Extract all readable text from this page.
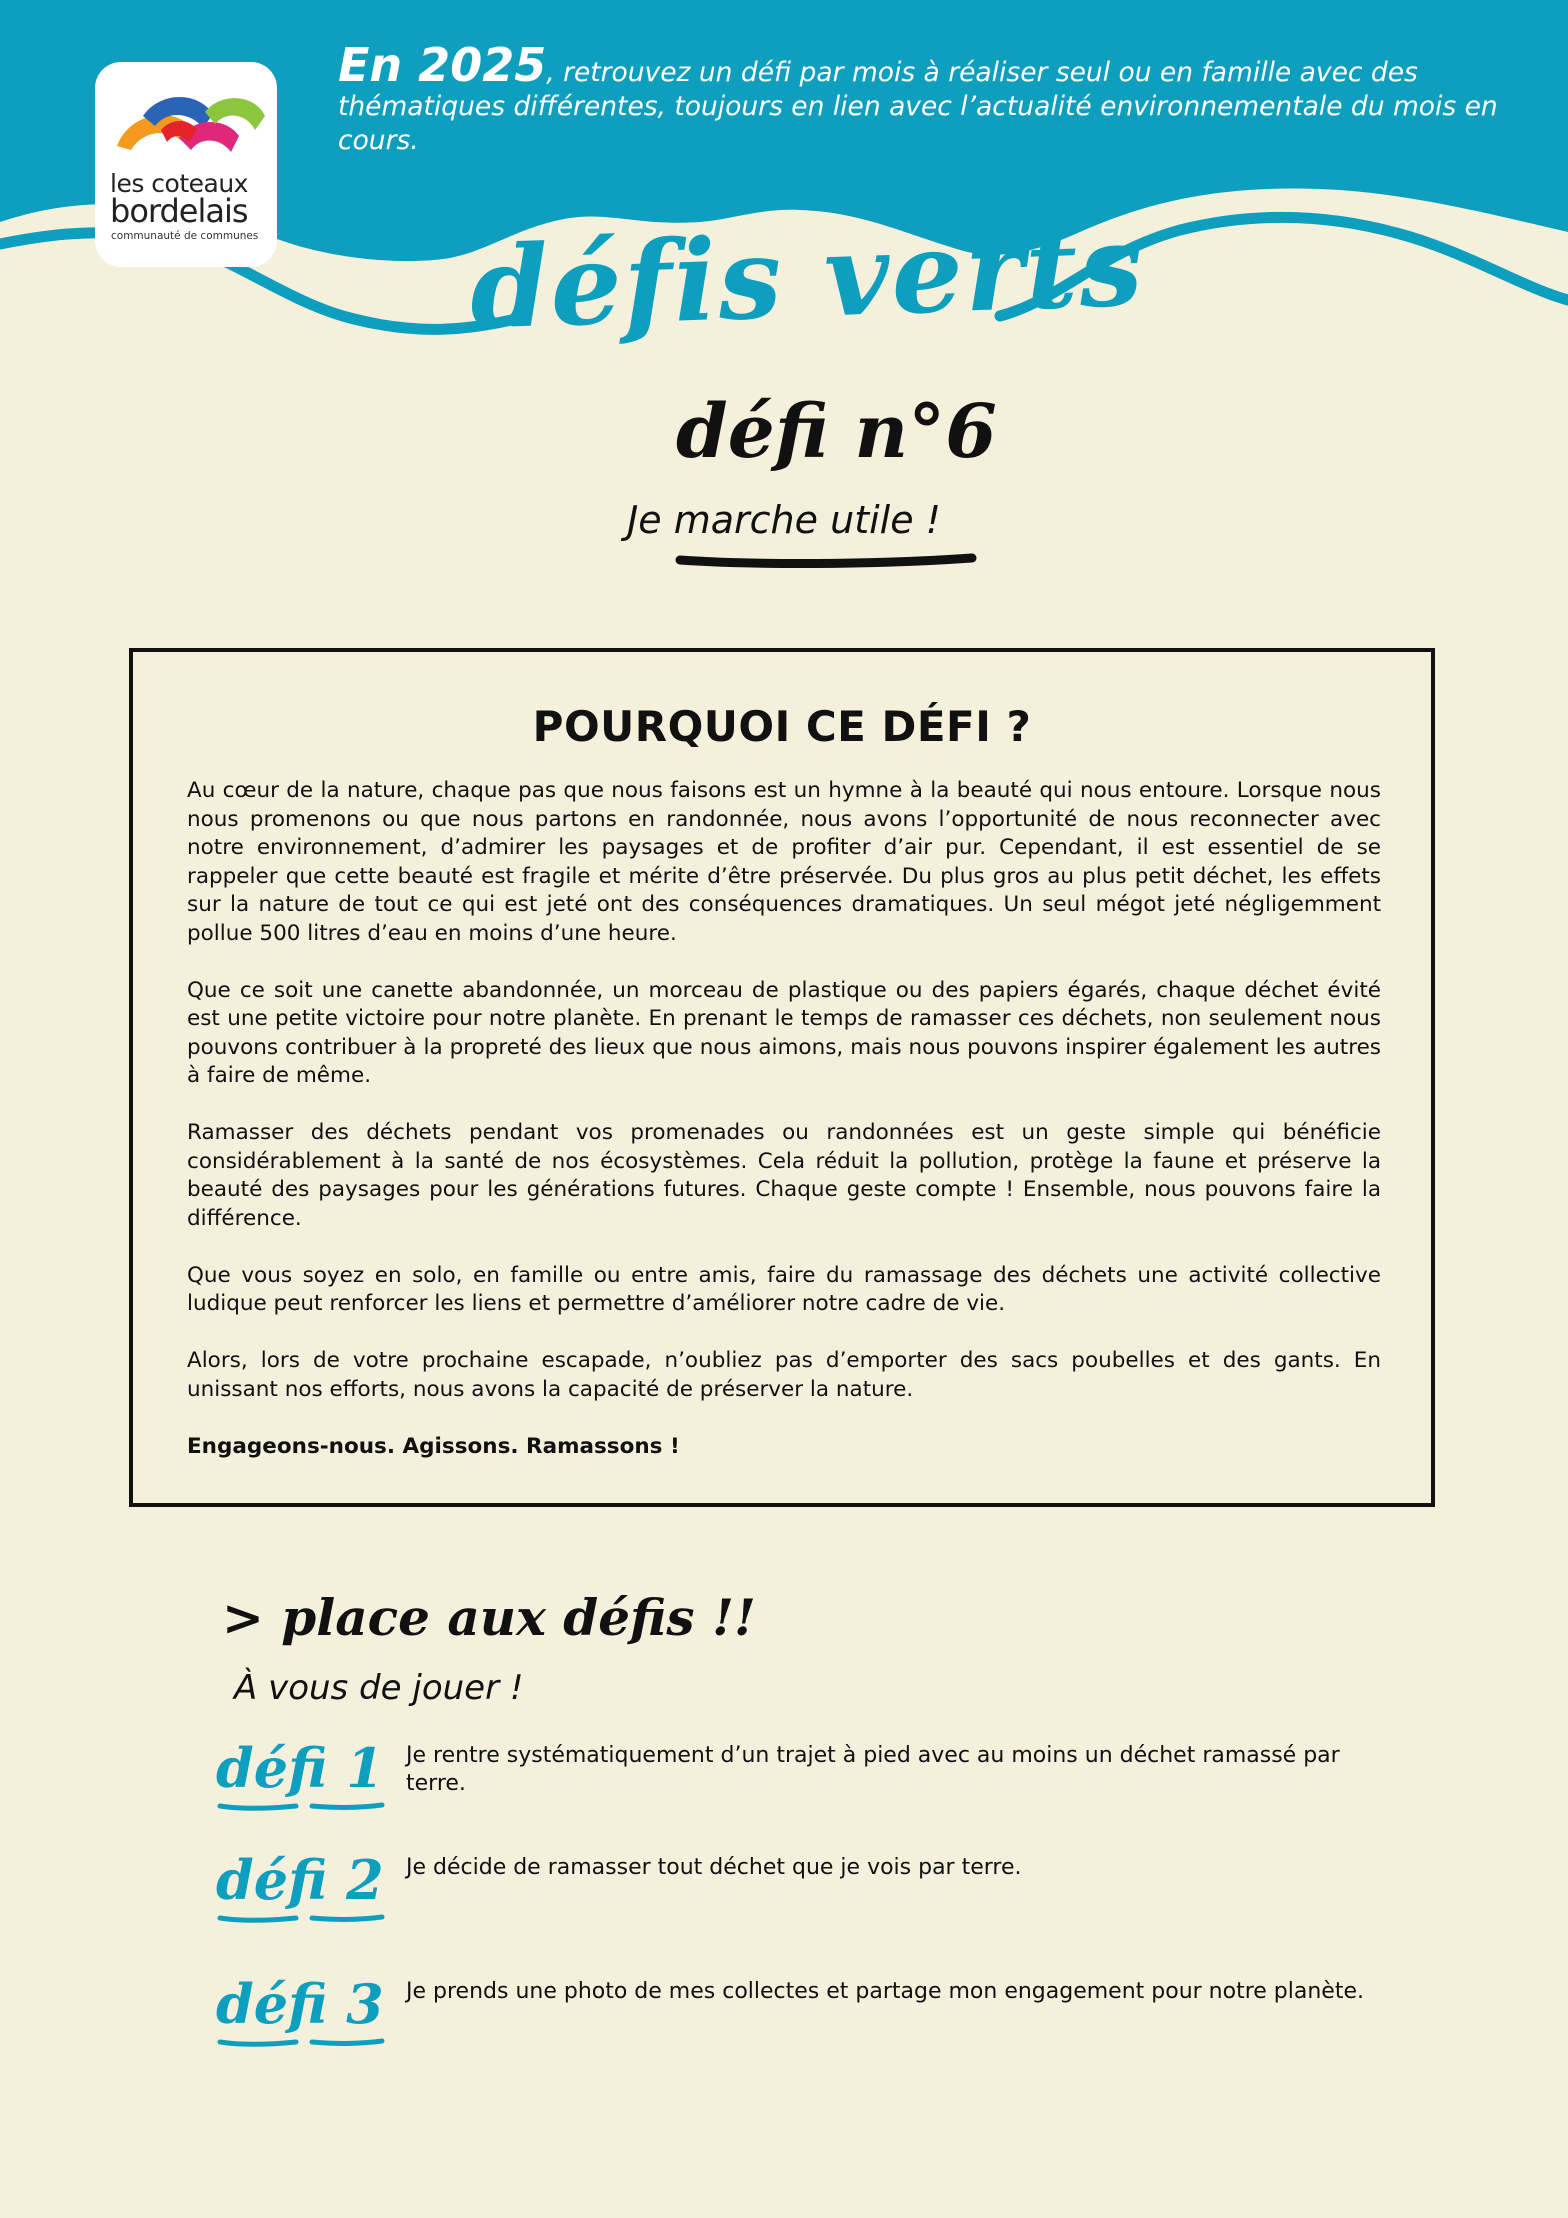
les coteaux
bordelais
communauté de communes
En 2025, retrouvez un défi par mois à réaliser seul ou en famille avec des thématiques différentes, toujours en lien avec l’actualité environnementale du mois en cours.
défis verts
défi n°6
Je marche utile !
POURQUOI CE DÉFI ?

Au cœur de la nature, chaque pas que nous faisons est un hymne à la beauté qui nous entoure. Lorsque nous nous promenons ou que nous partons en randonnée, nous avons l’opportunité de nous reconnecter avec notre environnement, d’admirer les paysages et de profiter d’air pur. Cependant, il est essentiel de se rappeler que cette beauté est fragile et mérite d’être préservée. Du plus gros au plus petit déchet, les effets sur la nature de tout ce qui est jeté ont des conséquences dramatiques. Un seul mégot jeté négligemment pollue 500 litres d’eau en moins d’une heure.

Que ce soit une canette abandonnée, un morceau de plastique ou des papiers égarés, chaque déchet évité est une petite victoire pour notre planète. En prenant le temps de ramasser ces déchets, non seulement nous pouvons contribuer à la propreté des lieux que nous aimons, mais nous pouvons inspirer également les autres à faire de même.

Ramasser des déchets pendant vos promenades ou randonnées est un geste simple qui bénéficie considérablement à la santé de nos écosystèmes. Cela réduit la pollution, protège la faune et préserve la beauté des paysages pour les générations futures. Chaque geste compte ! Ensemble, nous pouvons faire la différence.

Que vous soyez en solo, en famille ou entre amis, faire du ramassage des déchets une activité collective ludique peut renforcer les liens et permettre d’améliorer notre cadre de vie.

Alors, lors de votre prochaine escapade, n’oubliez pas d’emporter des sacs poubelles et des gants. En unissant nos efforts, nous avons la capacité de préserver la nature.

Engageons-nous. Agissons. Ramassons !

> place aux défis !!
À vous de jouer !
défi 1 Je rentre systématiquement d’un trajet à pied avec au moins un déchet ramassé par terre.
défi 2 Je décide de ramasser tout déchet que je vois par terre.
défi 3 Je prends une photo de mes collectes et partage mon engagement pour notre planète.
